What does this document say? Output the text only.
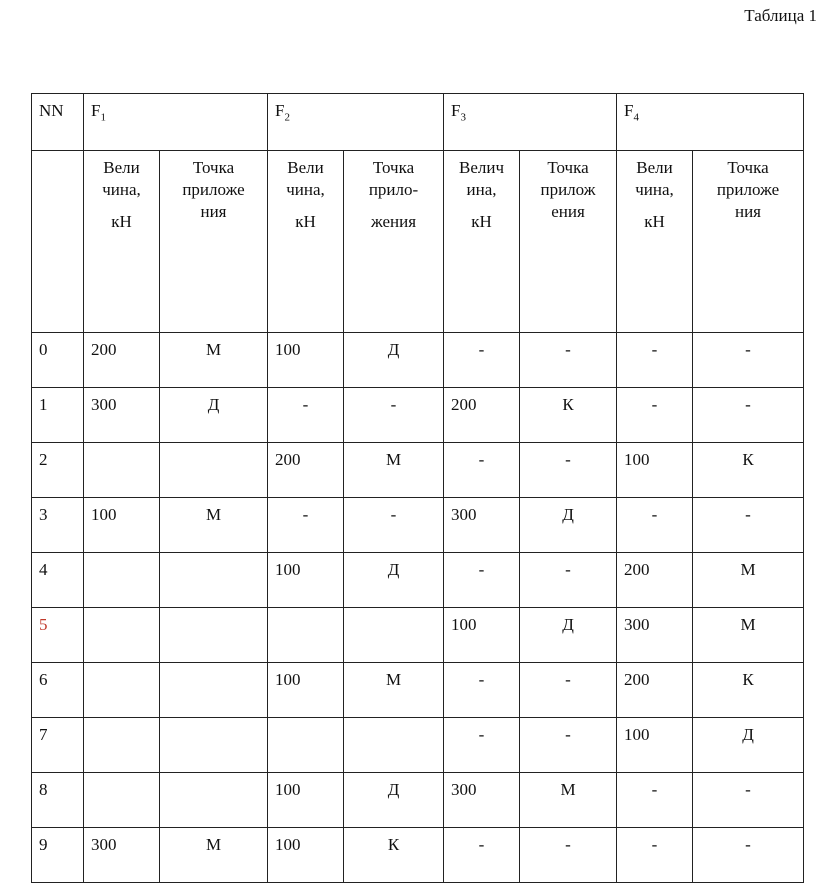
Таблица 1
NN	$F_1$		$F_2$		$F_3$		$F_4$

	Вели
чина,
кН	Точка
приложе
ния	Вели
чина,
кН	Точка
прило-
жения	Велич
ина,
кН	Точка
прилож
ения	Вели
чина,
кН	Точка
приложе
ния

0	200	М	100	Д	-	-	-	-
1	300	Д	-	-	200	К	-	-
2			200	М	-	-	100	К
3	100	М	-	-	300	Д	-	-
4			100	Д	-	-	200	М
5					100	Д	300	М
6			100	М	-	-	200	К
7					-	-	100	Д
8			100	Д	300	М	-	-
9	300	М	100	К	-	-	-	-
